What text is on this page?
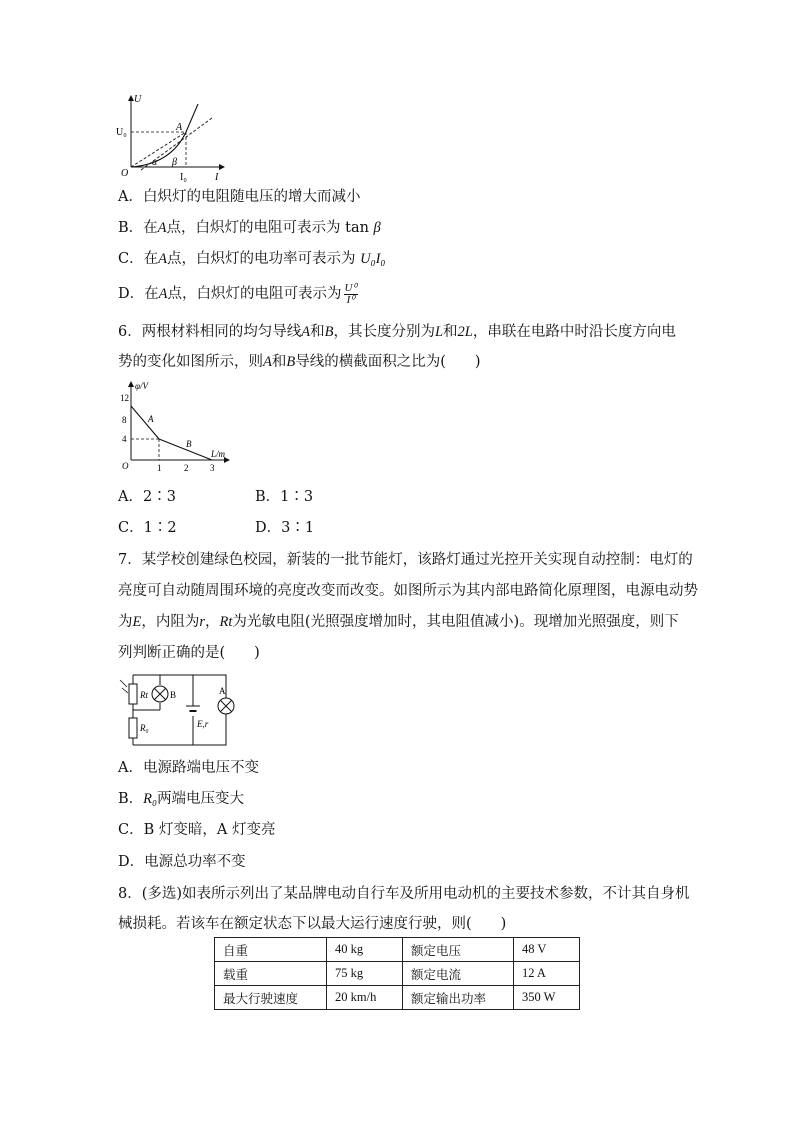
U
I
O
U₀
I₀
A
α β
A．白炽灯的电阻随电压的增大而减小
B．在A点，白炽灯的电阻可表示为 tan β
C．在A点，白炽灯的电功率可表示为 U₀I₀
D．在A点，白炽灯的电阻可表示为 $\frac{\text{U⁰}}{\text{I⁰}}$
6．两根材料相同的均匀导线A和B，其长度分别为L和2L，串联在电路中时沿长度方向电
势的变化如图所示，则A和B导线的横截面积之比为(　　)
φ/V
L/m
O
12
8
4
1	2 3
A
B
A．2∶3	B．1∶3
C．1∶2	D．3∶1
7．某学校创建绿色校园，新装的一批节能灯，该路灯通过光控开关实现自动控制：电灯的
亮度可自动随周围环境的亮度改变而改变。如图所示为其内部电路简化原理图，电源电动势
为E，内阻为r，Rt为光敏电阻(光照强度增加时，其电阻值减小)。现增加光照强度，则下
列判断正确的是(　　)
Rt B
R₀	E,r
A
A．电源路端电压不变
B．R₀两端电压变大
C．B 灯变暗，A 灯变亮
D．电源总功率不变
8．(多选)如表所示列出了某品牌电动自行车及所用电动机的主要技术参数，不计其自身机
械损耗。若该车在额定状态下以最大运行速度行驶，则(　　)
自重	40 kg	额定电压	48 V
载重	75 kg	额定电流	12 A
最大行驶速度	20 km/h	额定输出功率	350 W
